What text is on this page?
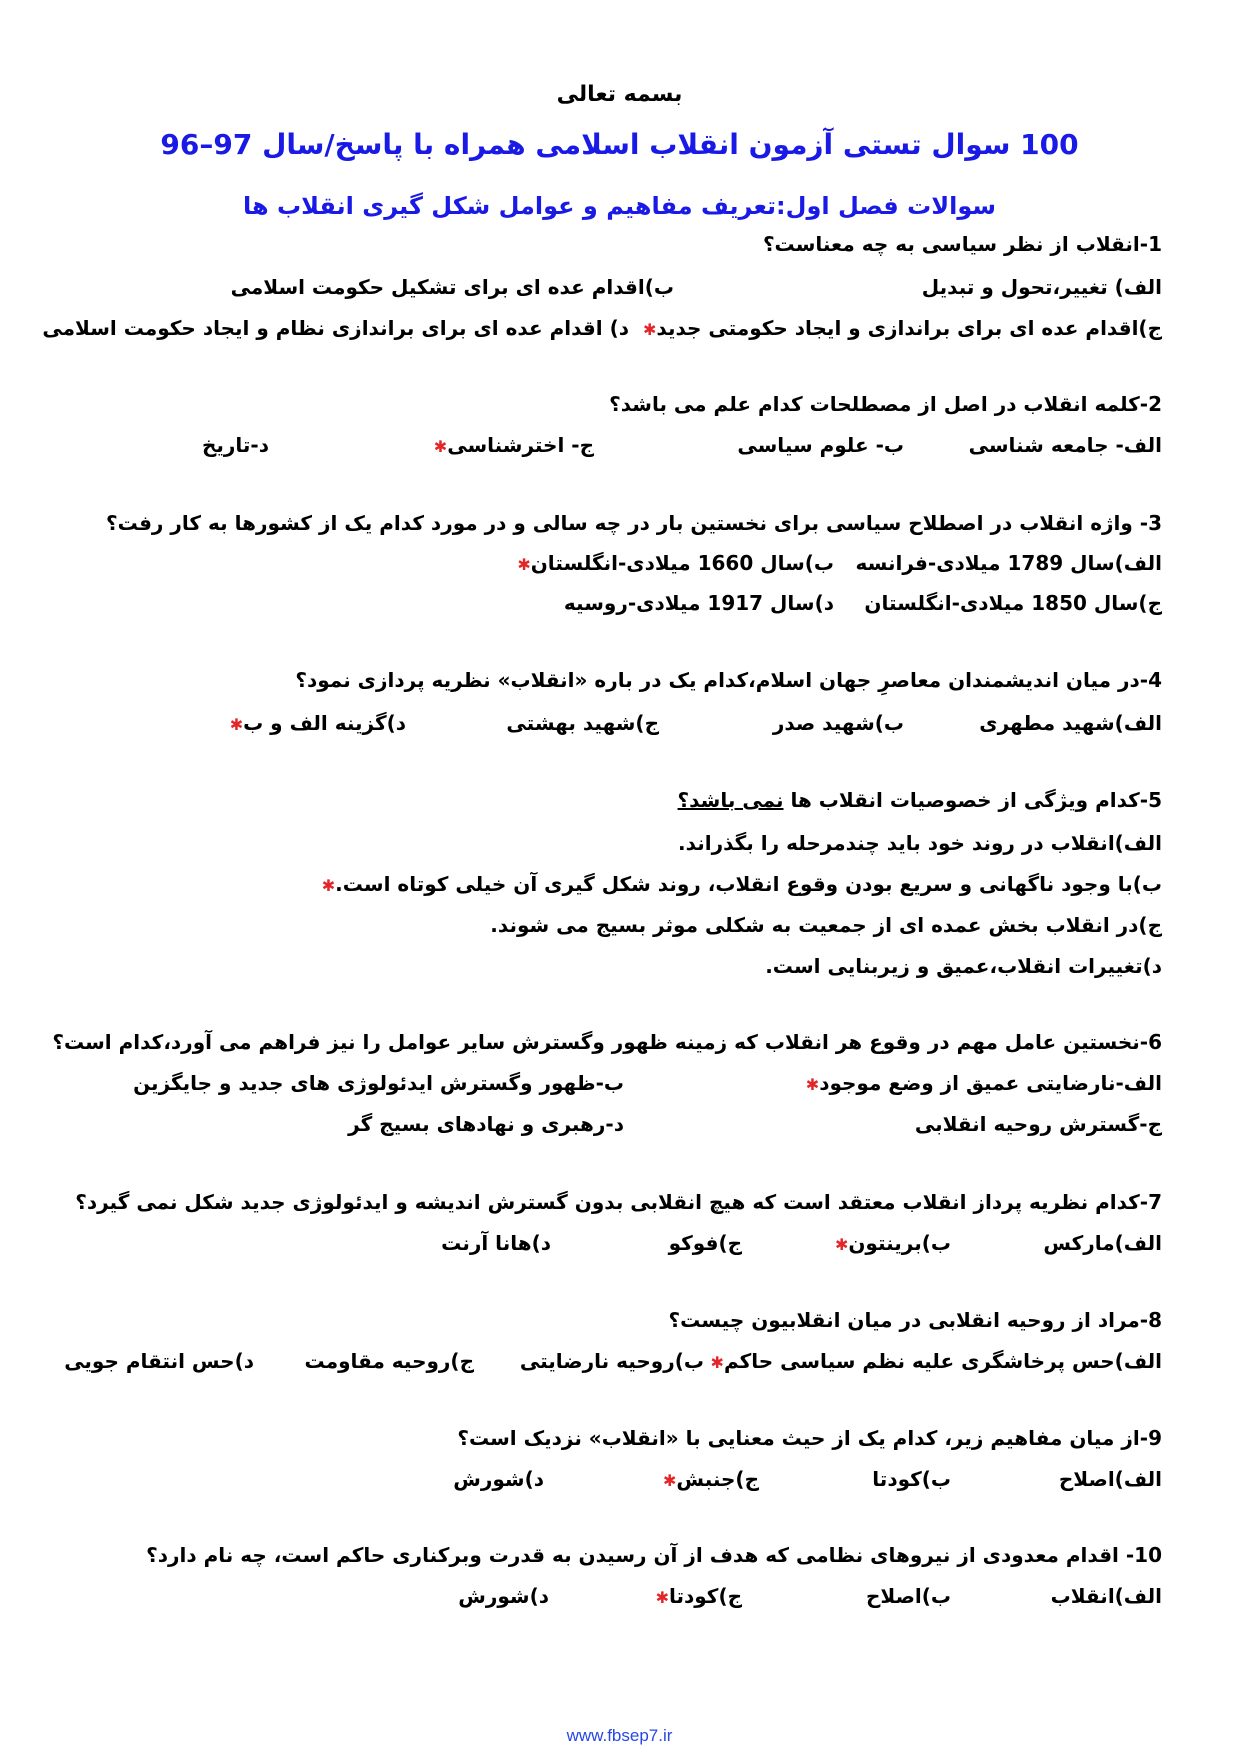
بسمه تعالی
100 سوال تستی آزمون انقلاب اسلامی همراه با پاسخ/سال 97–96
سوالات فصل اول:تعریف مفاهیم و عوامل شکل گیری انقلاب ها
1-انقلاب از نظر سیاسی به چه معناست؟
الف) تغییر،تحول و تبدیل
ب)اقدام عده ای برای تشکیل حکومت اسلامی
ج)اقدام عده ای برای براندازی و ایجاد حکومتی جدید✱
د) اقدام عده ای برای براندازی نظام و ایجاد حکومت اسلامی
2-کلمه انقلاب در اصل از مصطلحات کدام علم می باشد؟
الف- جامعه شناسی
ب- علوم سیاسی
ج- اخترشناسی✱
د-تاریخ
3- واژه انقلاب در اصطلاح سیاسی برای نخستین بار در چه سالی و در مورد کدام یک از کشورها به کار رفت؟
الف)سال 1789 میلادی-فرانسه
ب)سال 1660 میلادی-انگلستان✱
ج)سال 1850 میلادی-انگلستان
د)سال 1917 میلادی-روسیه
4-در میان اندیشمندان معاصرِ جهان اسلام،کدام یک در باره «انقلاب» نظریه پردازی نمود؟
الف)شهید مطهری
ب)شهید صدر
ج)شهید بهشتی
د)گزینه الف و ب✱
5-کدام ویژگی از خصوصیات انقلاب ها نمی باشد؟
الف)انقلاب در روند خود باید چندمرحله را بگذراند.
ب)با وجود ناگهانی و سریع بودن وقوع انقلاب، روند شکل گیری آن خیلی کوتاه است.✱
ج)در انقلاب بخش عمده ای از جمعیت به شکلی موثر بسیج می شوند.
د)تغییرات انقلاب،عمیق و زیربنایی است.
6-نخستین عامل مهم در وقوع هر انقلاب که زمینه ظهور وگسترش سایر عوامل را نیز فراهم می آورد،کدام است؟
الف-نارضایتی عمیق از وضع موجود✱
ب-ظهور وگسترش ایدئولوژی های جدید و جایگزین
ج-گسترش روحیه انقلابی
د-رهبری و نهادهای بسیج گر
7-کدام نظریه پرداز انقلاب معتقد است که هیچ انقلابی بدون گسترش اندیشه و ایدئولوژی جدید شکل نمی گیرد؟
الف)مارکس
ب)برینتون✱
ج)فوکو
د)هانا آرنت
8-مراد از روحیه انقلابی در میان انقلابیون چیست؟
الف)حس پرخاشگری علیه نظم سیاسی حاکم✱
ب)روحیه نارضایتی
ج)روحیه مقاومت
د)حس انتقام جویی
9-از میان مفاهیم زیر، کدام یک از حیث معنایی با «انقلاب» نزدیک است؟
الف)اصلاح
ب)کودتا
ج)جنبش✱
د)شورش
10- اقدام معدودی از نیروهای نظامی که هدف از آن رسیدن به قدرت وبرکناری حاکم است، چه نام دارد؟
الف)انقلاب
ب)اصلاح
ج)کودتا✱
د)شورش
www.fbsep7.ir
